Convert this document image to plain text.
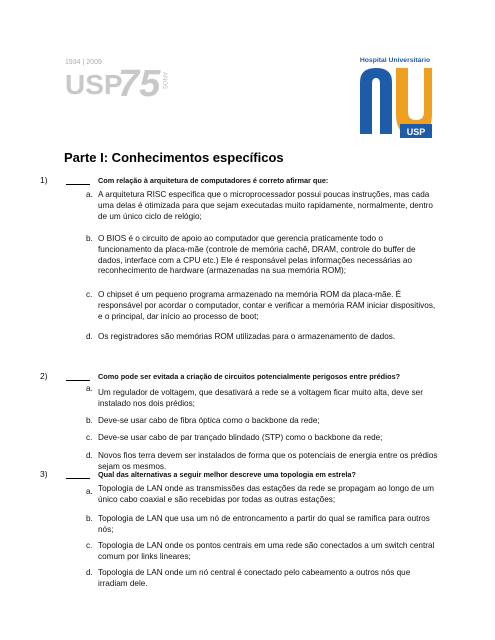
1934 | 2009
USP
75 ANOS
Hospital Universitário
USP
Parte I: Conhecimentos específicos
1)	Com relação à arquitetura de computadores é correto afirmar que:
a. A arquitetura RISC especifica que o microprocessador possui poucas instruções, mas cada uma delas é otimizada para que sejam executadas muito rapidamente, normalmente, dentro de um único ciclo de relógio;
b. O BIOS é o circuito de apoio ao computador que gerencia praticamente todo o funcionamento da placa-mãe (controle de memória cachê, DRAM, controle do buffer de dados, interface com a CPU etc.) Ele é responsável pelas informações necessárias ao reconhecimento de hardware (armazenadas na sua memória ROM);
c. O chipset é um pequeno programa armazenado na memória ROM da placa-mãe. É responsável por acordar o computador, contar e verificar a memória RAM iniciar dispositivos, e o principal, dar início ao processo de boot;
d. Os registradores são memórias ROM utilizadas para o armazenamento de dados.
2)	Como pode ser evitada a criação de circuitos potencialmente perigosos entre prédios?
a. Um regulador de voltagem, que desativará a rede se a voltagem ficar muito alta, deve ser instalado nos dois prédios;
b. Deve-se usar cabo de fibra óptica como o backbone da rede;
c. Deve-se usar cabo de par trançado blindado (STP) como o backbone da rede;
d. Novos fios terra devem ser instalados de forma que os potenciais de energia entre os prédios sejam os mesmos.
3)	Qual das alternativas a seguir melhor descreve uma topologia em estrela?
a. Topologia de LAN onde as transmissões das estações da rede se propagam ao longo de um único cabo coaxial e são recebidas por todas as outras estações;
b. Topologia de LAN que usa um nó de entroncamento a partir do qual se ramifica para outros nós;
c. Topologia de LAN onde os pontos centrais em uma rede são conectados a um switch central comum por links lineares;
d. Topologia de LAN onde um nó central é conectado pelo cabeamento a outros nós que irradiam dele.
